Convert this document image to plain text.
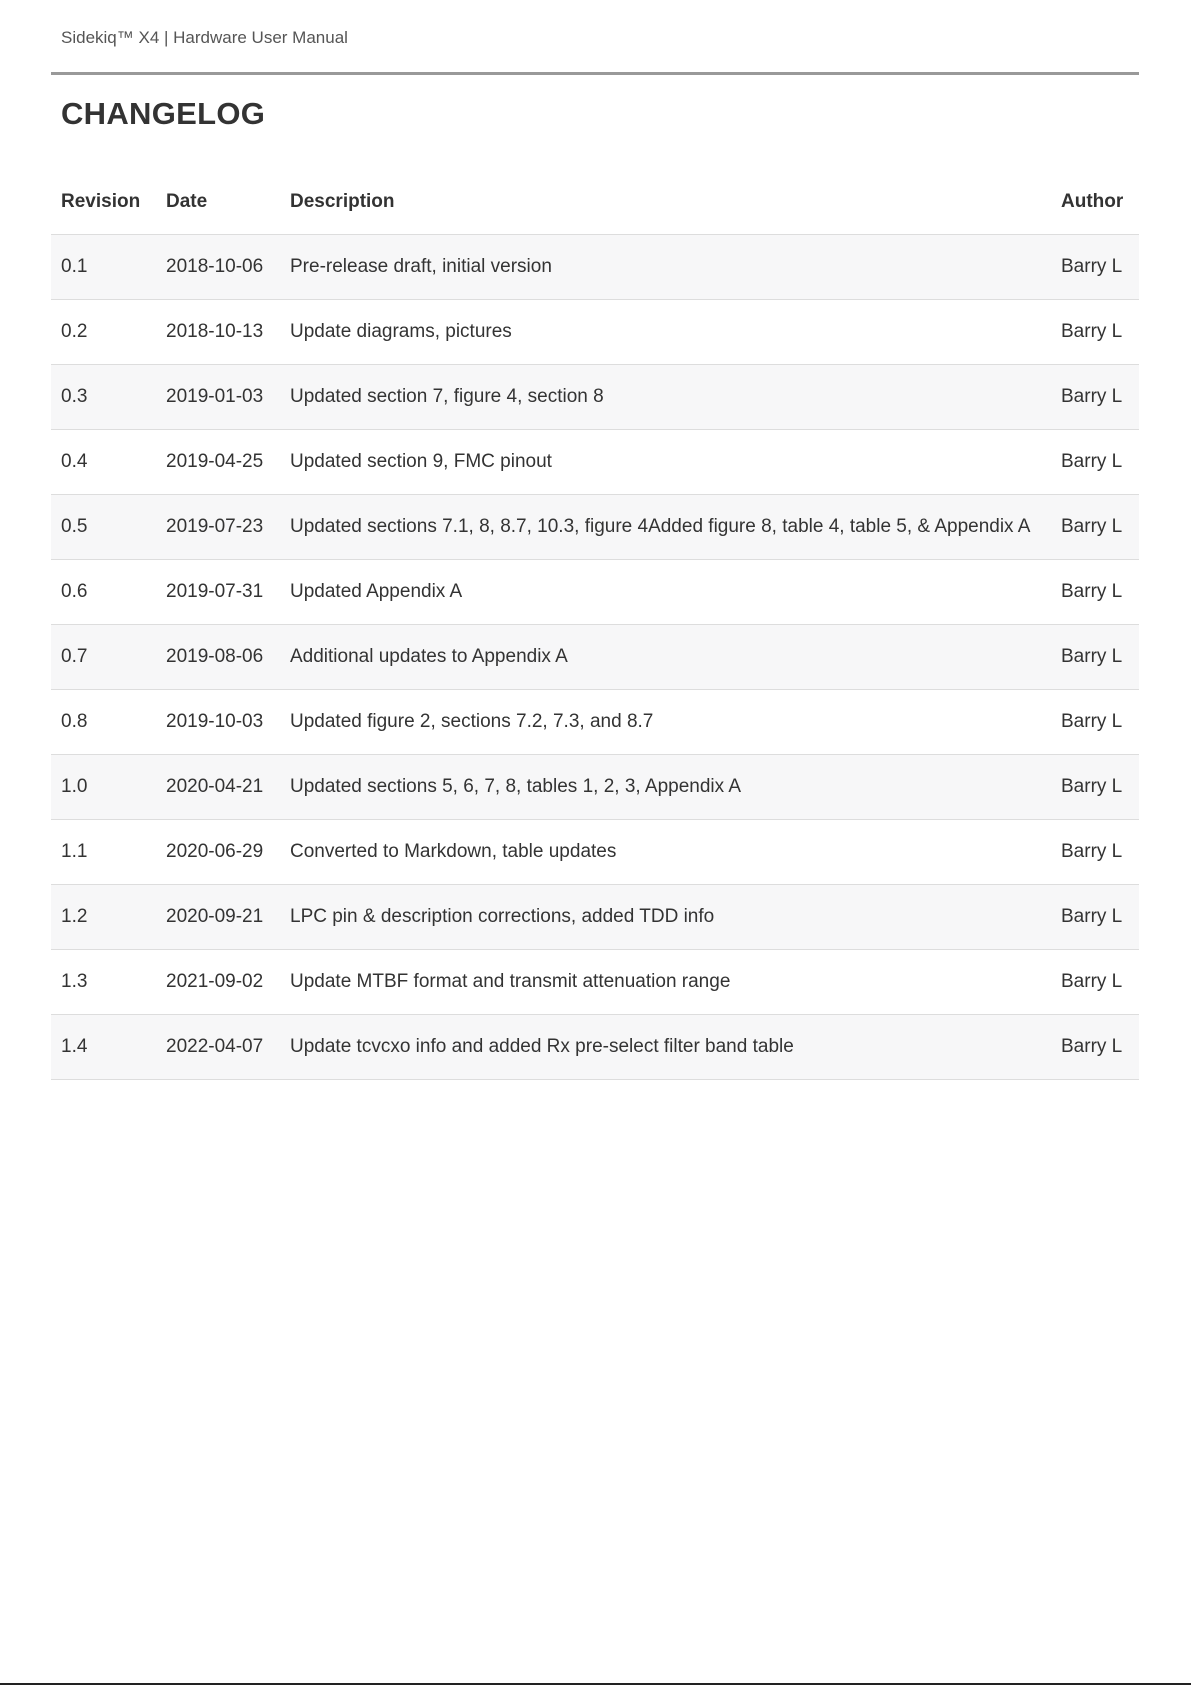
Sidekiq™ X4 | Hardware User Manual
CHANGELOG
Revision	Date	Description	Author
0.1	2018-10-06	Pre-release draft, initial version	Barry L
0.2	2018-10-13	Update diagrams, pictures	Barry L
0.3	2019-01-03	Updated section 7, figure 4, section 8	Barry L
0.4	2019-04-25	Updated section 9, FMC pinout	Barry L
0.5	2019-07-23	Updated sections 7.1, 8, 8.7, 10.3, figure 4Added figure 8, table 4, table 5, & Appendix A	Barry L
0.6	2019-07-31	Updated Appendix A	Barry L
0.7	2019-08-06	Additional updates to Appendix A	Barry L
0.8	2019-10-03	Updated figure 2, sections 7.2, 7.3, and 8.7	Barry L
1.0	2020-04-21	Updated sections 5, 6, 7, 8, tables 1, 2, 3, Appendix A	Barry L
1.1	2020-06-29	Converted to Markdown, table updates	Barry L
1.2	2020-09-21	LPC pin & description corrections, added TDD info	Barry L
1.3	2021-09-02	Update MTBF format and transmit attenuation range	Barry L
1.4	2022-04-07	Update tcvcxo info and added Rx pre-select filter band table	Barry L
